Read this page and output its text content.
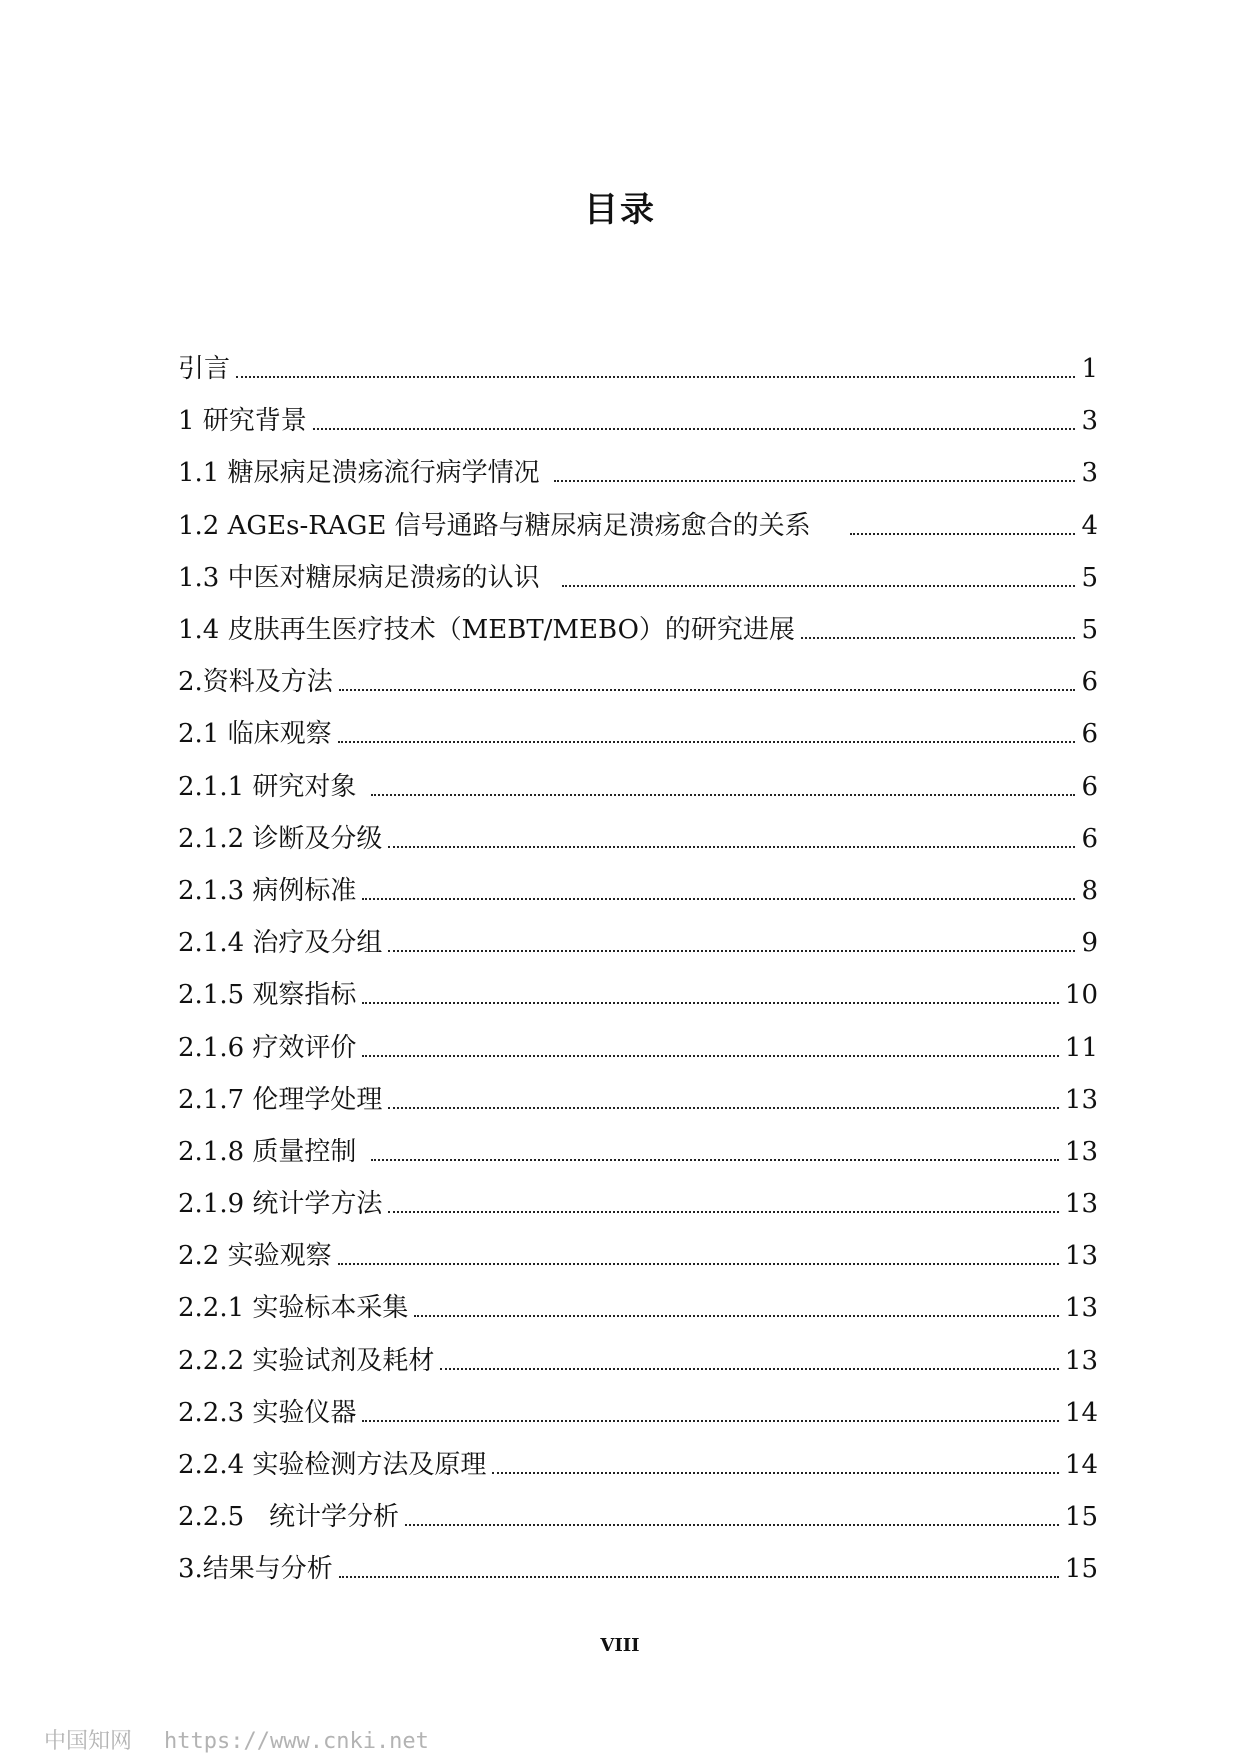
目录
引言	1
1 研究背景	3
1.1 糖尿病足溃疡流行病学情况	3
1.2 AGEs-RAGE 信号通路与糖尿病足溃疡愈合的关系	4
1.3 中医对糖尿病足溃疡的认识	5
1.4 皮肤再生医疗技术（MEBT/MEBO）的研究进展	5
2.资料及方法	6
2.1 临床观察	6
2.1.1 研究对象	6
2.1.2 诊断及分级	6
2.1.3 病例标准	8
2.1.4 治疗及分组	9
2.1.5 观察指标	10
2.1.6 疗效评价	11
2.1.7 伦理学处理	13
2.1.8 质量控制	13
2.1.9 统计学方法	13
2.2 实验观察	13
2.2.1 实验标本采集	13
2.2.2 实验试剂及耗材	13
2.2.3 实验仪器	14
2.2.4 实验检测方法及原理	14
2.2.5   统计学分析	15
3.结果与分析	15
VIII
中国知网 https://www.cnki.net
